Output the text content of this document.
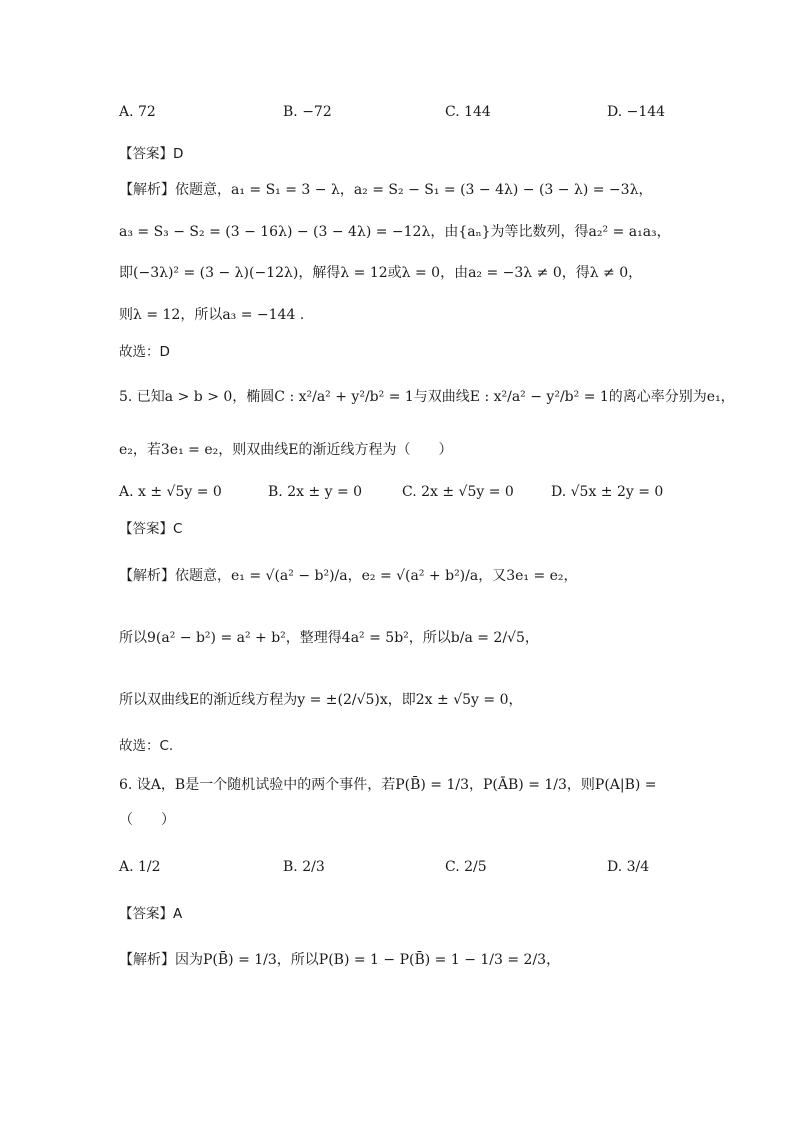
A. 72	B. −72	C. 144	D. −144
【答案】D
【解析】依题意，a₁ = S₁ = 3 − λ，a₂ = S₂ − S₁ = (3 − 4λ) − (3 − λ) = −3λ，
a₃ = S₃ − S₂ = (3 − 16λ) − (3 − 4λ) = −12λ，由{aₙ}为等比数列，得a₂² = a₁a₃，
即(−3λ)² = (3 − λ)(−12λ)，解得λ = 12或λ = 0，由a₂ = −3λ ≠ 0，得λ ≠ 0，
则λ = 12，所以a₃ = −144 .
故选：D
5. 已知a > b > 0，椭圆C : x²/a² + y²/b² = 1与双曲线E : x²/a² − y²/b² = 1的离心率分别为e₁，
e₂，若3e₁ = e₂，则双曲线E的渐近线方程为（　　）
A. x ± √5y = 0	B. 2x ± y = 0	C. 2x ± √5y = 0	D. √5x ± 2y = 0
【答案】C
【解析】依题意，e₁ = √(a² − b²)/a，e₂ = √(a² + b²)/a，又3e₁ = e₂，
所以9(a² − b²) = a² + b²，整理得4a² = 5b²，所以b/a = 2/√5，
所以双曲线E的渐近线方程为y = ±(2/√5)x，即2x ± √5y = 0，
故选：C.
6. 设A，B是一个随机试验中的两个事件，若P(B̄) = 1/3，P(ĀB) = 1/3，则P(A|B) =
（　　）
A. 1/2	B. 2/3	C. 2/5	D. 3/4
【答案】A
【解析】因为P(B̄) = 1/3，所以P(B) = 1 − P(B̄) = 1 − 1/3 = 2/3，
